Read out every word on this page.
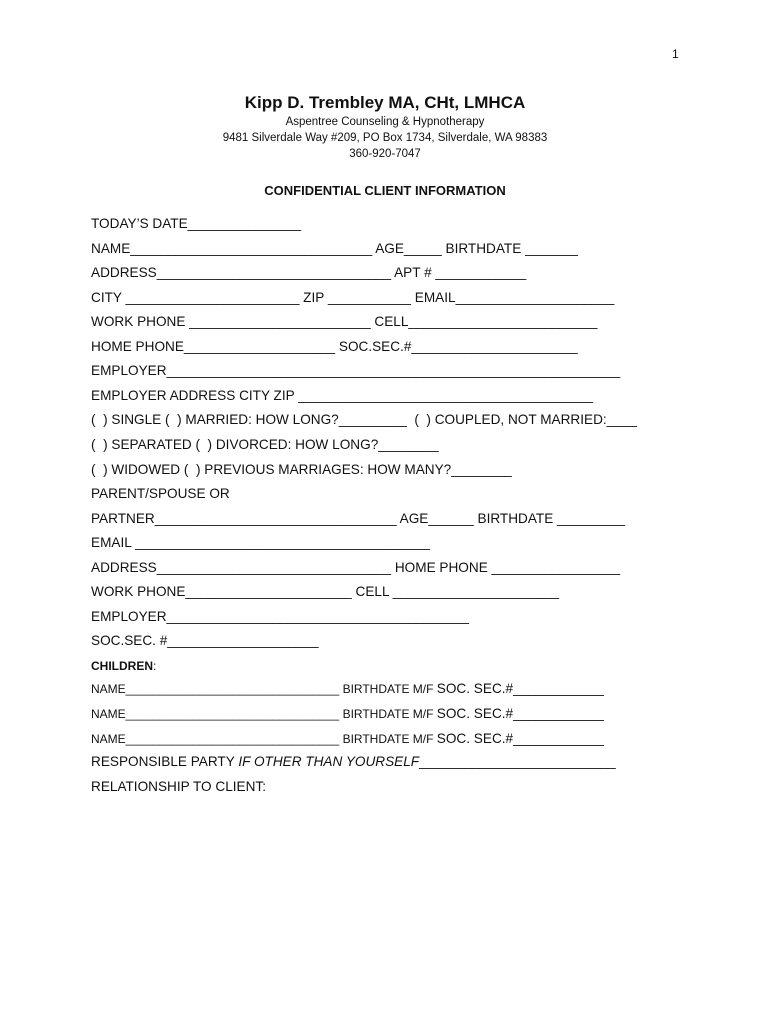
1

Kipp D. Trembley MA, CHt, LMHCA

Aspentree Counseling & Hypnotherapy

9481 Silverdale Way #209, PO Box 1734, Silverdale, WA 98383

360-920-7047

CONFIDENTIAL CLIENT INFORMATION
TODAY’S DATE_______________
NAME________________________________ AGE_____ BIRTHDATE _______
ADDRESS_______________________________ APT # ____________
CITY _______________________ ZIP ___________ EMAIL_____________________
WORK PHONE ________________________ CELL_________________________
HOME PHONE____________________ SOC.SEC.#______________________
EMPLOYER____________________________________________________________
EMPLOYER ADDRESS CITY ZIP _______________________________________
(  ) SINGLE (  ) MARRIED: HOW LONG?_________  (  ) COUPLED, NOT MARRIED:____
(  ) SEPARATED (  ) DIVORCED: HOW LONG?________
(  ) WIDOWED (  ) PREVIOUS MARRIAGES: HOW MANY?________
PARENT/SPOUSE OR
PARTNER________________________________ AGE______ BIRTHDATE _________
EMAIL _______________________________________
ADDRESS_______________________________ HOME PHONE _________________
WORK PHONE______________________ CELL ______________________
EMPLOYER________________________________________
SOC.SEC. #____________________
CHILDREN:
NAME________________________________ BIRTHDATE M/F SOC. SEC.#____________
NAME________________________________ BIRTHDATE M/F SOC. SEC.#____________
NAME________________________________ BIRTHDATE M/F SOC. SEC.#____________
RESPONSIBLE PARTY IF OTHER THAN YOURSELF__________________________
RELATIONSHIP TO CLIENT:
